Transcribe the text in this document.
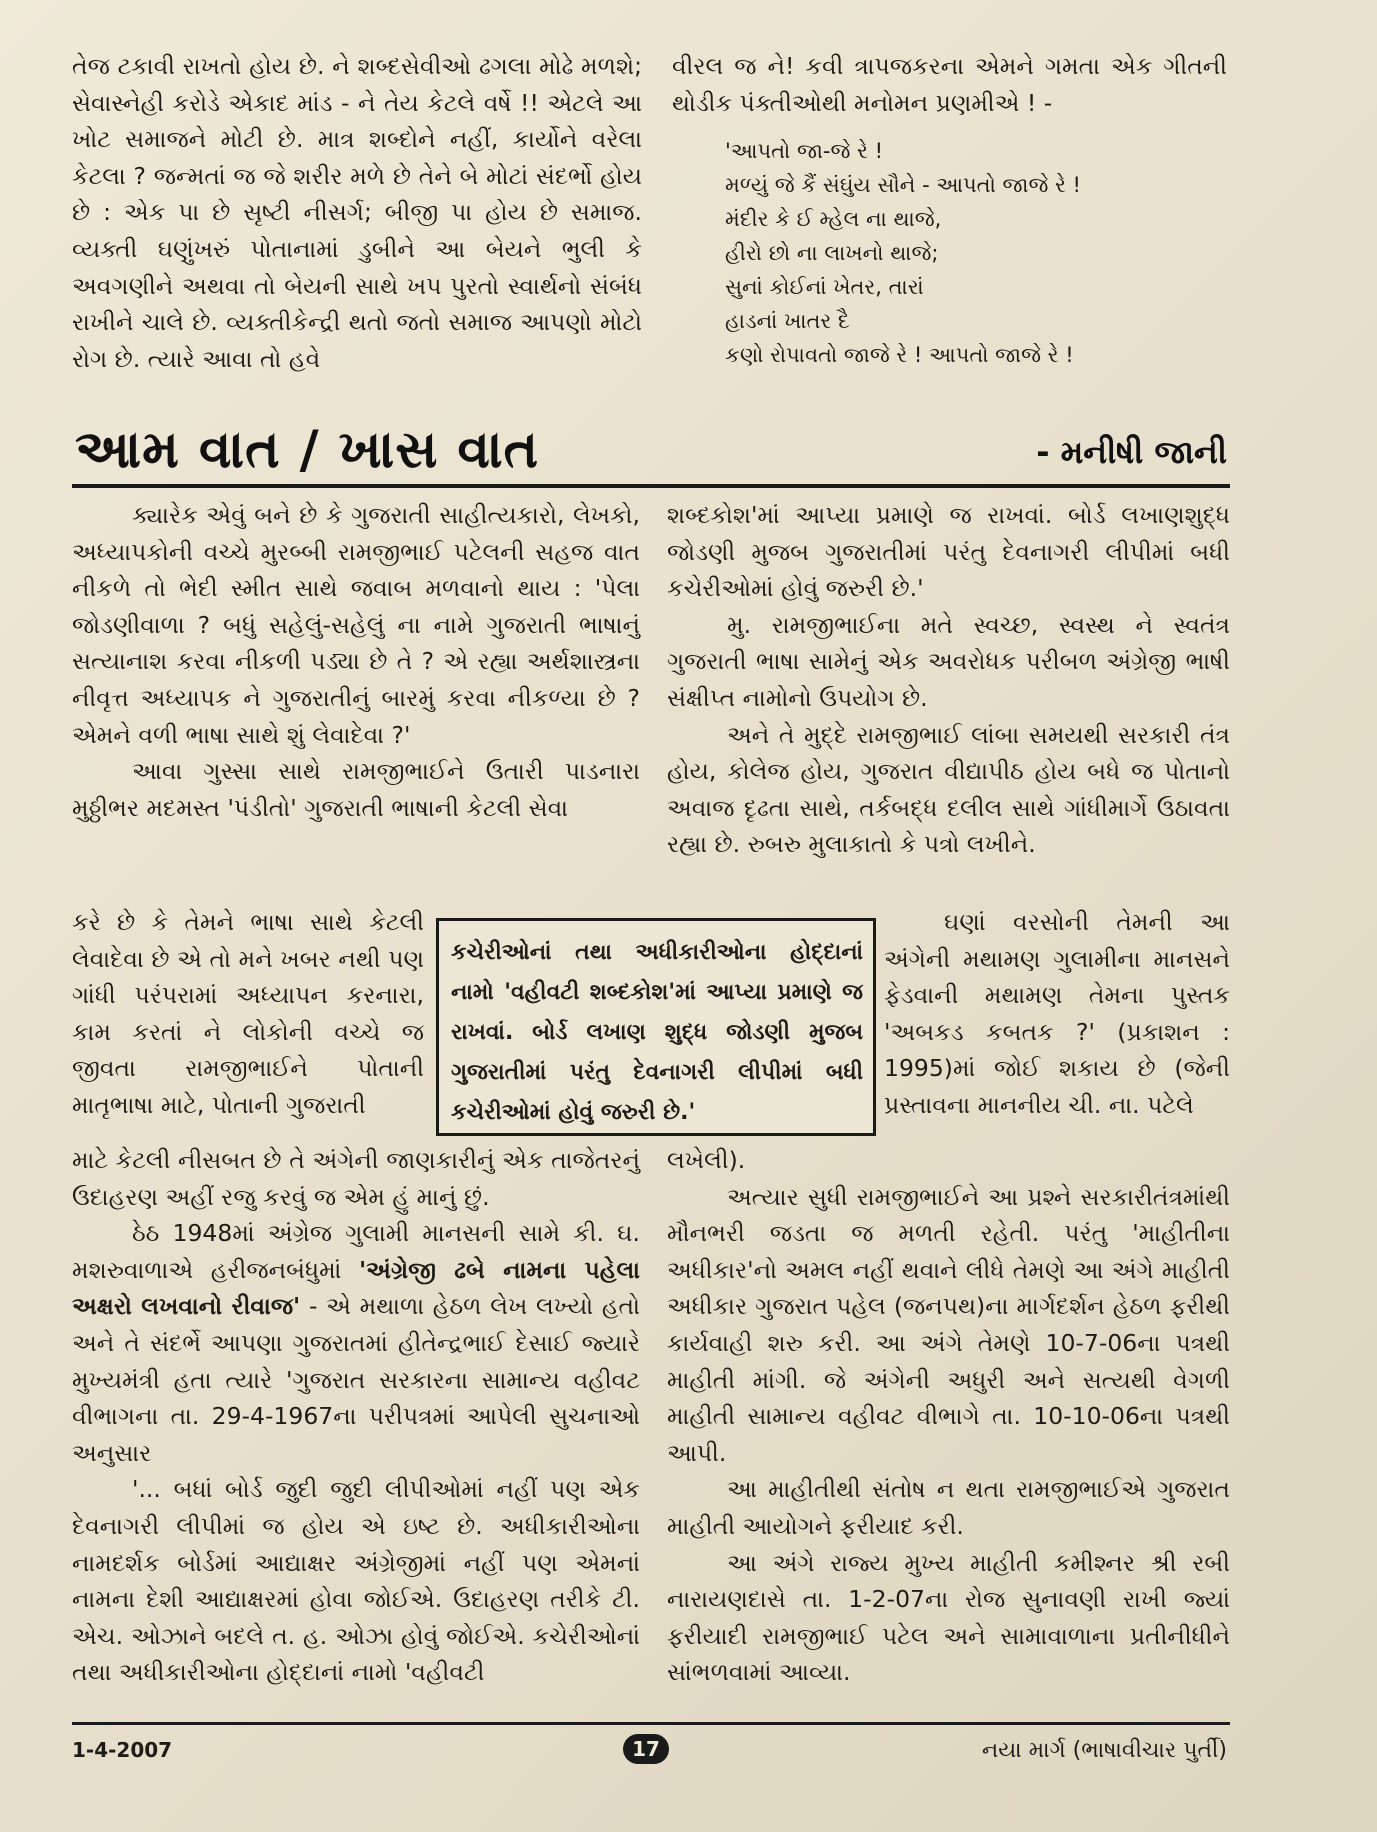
તેજ ટકાવી રાખતો હોય છે. ને શબ્દસેવીઓ ઢગલા મોઢે મળશે; સેવાસ્નેહી કરોડે એકાદ માંડ - ને તેય કેટલે વર્ષે !! એટલે આ ખોટ સમાજને મોટી છે. માત્ર શબ્દોને નહીં, કાર્યોને વરેલા કેટલા ? જન્મતાં જ જે શરીર મળે છે તેને બે મોટાં સંદર્ભો હોય છે : એક પા છે સૃષ્ટી નીસર્ગ; બીજી પા હોય છે સમાજ. વ્યક્તી ઘણુંખરું પોતાનામાં ડુબીને આ બેયને ભુલી કે અવગણીને અથવા તો બેયની સાથે ખપ પુરતો સ્વાર્થનો સંબંધ રાખીને ચાલે છે. વ્યક્તીકેન્દ્રી થતો જતો સમાજ આપણો મોટો રોગ છે. ત્યારે આવા તો હવે

વીરલ જ ને! કવી ત્રાપજકરના એમને ગમતા એક ગીતની થોડીક પંક્તીઓથી મનોમન પ્રણમીએ ! -

'આપતો જા-જે રે !
મળ્યું જે કૈં સંઘુંય સૌને - આપતો જાજે રે !
મંદીર કે ઈ મ્હેલ ના થાજે,
હીરો છો ના લાખનો થાજે;
સુનાં કોઈનાં ખેતર, તારાં
હાડનાં ખાતર દૈ
કણો રોપાવતો જાજે રે ! આપતો જાજે રે !
આમ વાત / ખાસ વાત	- મનીષી જાની

ક્યારેક એવું બને છે કે ગુજરાતી સાહીત્યકારો, લેખકો, અધ્યાપકોની વચ્ચે મુરબ્બી રામજીભાઈ પટેલની સહજ વાત નીકળે તો ભેદી સ્મીત સાથે જવાબ મળવાનો થાય : 'પેલા જોડણીવાળા ? બધું સહેલું-સહેલું ના નામે ગુજરાતી ભાષાનું સત્યાનાશ કરવા નીકળી પડ્યા છે તે ? એ રહ્યા અર્થશાસ્ત્રના નીવૃત્ત અધ્યાપક ને ગુજરાતીનું બારમું કરવા નીકળ્યા છે ? એમને વળી ભાષા સાથે શું લેવાદેવા ?'

આવા ગુસ્સા સાથે રામજીભાઈને ઉતારી પાડનારા મુઠ્ઠીભર મદમસ્ત 'પંડીતો' ગુજરાતી ભાષાની કેટલી સેવા

કરે છે કે તેમને ભાષા સાથે કેટલી લેવાદેવા છે એ તો મને ખબર નથી પણ ગાંધી પરંપરામાં અધ્યાપન કરનારા, કામ કરતાં ને લોકોની વચ્ચે જ જીવતા રામજીભાઈને પોતાની માતૃભાષા માટે, પોતાની ગુજરાતી

માટે કેટલી નીસબત છે તે અંગેની જાણકારીનું એક તાજેતરનું ઉદાહરણ અહીં રજુ કરવું જ એમ હું માનું છું.

ઠેઠ 1948માં અંગ્રેજ ગુલામી માનસની સામે કી. ઘ. મશરુવાળાએ હરીજનબંધુમાં 'અંગ્રેજી ઢબે નામના પહેલા અક્ષરો લખવાનો રીવાજ' - એ મથાળા હેઠળ લેખ લખ્યો હતો અને તે સંદર્ભે આપણા ગુજરાતમાં હીતેન્દ્રભાઈ દેસાઈ જ્યારે મુખ્યમંત્રી હતા ત્યારે 'ગુજરાત સરકારના સામાન્ય વહીવટ વીભાગના તા. 29-4-1967ના પરીપત્રમાં આપેલી સુચનાઓ અનુસાર

'... બધાં બોર્ડ જુદી જુદી લીપીઓમાં નહીં પણ એક દેવનાગરી લીપીમાં જ હોય એ ઇષ્ટ છે. અધીકારીઓના નામદર્શક બોર્ડમાં આદ્યાક્ષર અંગ્રેજીમાં નહીં પણ એમનાં નામના દેશી આદ્યાક્ષરમાં હોવા જોઈએ. ઉદાહરણ તરીકે ટી. એચ. ઓઝાને બદલે ત. હ. ઓઝા હોવું જોઈએ. કચેરીઓનાં તથા અધીકારીઓના હોદ્દાનાં નામો 'વહીવટી

શબ્દકોશ'માં આપ્યા પ્રમાણે જ રાખવાં. બોર્ડ લખાણશુદ્ધ જોડણી મુજબ ગુજરાતીમાં પરંતુ દેવનાગરી લીપીમાં બધી કચેરીઓમાં હોવું જરુરી છે.'

મુ. રામજીભાઈના મતે સ્વચ્છ, સ્વસ્થ ને સ્વતંત્ર ગુજરાતી ભાષા સામેનું એક અવરોધક પરીબળ અંગ્રેજી ભાષી સંક્ષીપ્ત નામોનો ઉપયોગ છે.

અને તે મુદ્દે રામજીભાઈ લાંબા સમયથી સરકારી તંત્ર હોય, કોલેજ હોય, ગુજરાત વીદ્યાપીઠ હોય બધે જ પોતાનો અવાજ દૃઢતા સાથે, તર્કબદ્ધ દલીલ સાથે ગાંધીમાર્ગે ઉઠાવતા રહ્યા છે. રુબરુ મુલાકાતો કે પત્રો લખીને.

ઘણાં વરસોની તેમની આ અંગેની મથામણ ગુલામીના માનસને ફેડવાની મથામણ તેમના પુસ્તક 'અબકડ કબતક ?' (પ્રકાશન : 1995)માં જોઈ શકાય છે (જેની પ્રસ્તાવના માનનીય ચી. ના. પટેલે

લખેલી).

અત્યાર સુધી રામજીભાઈને આ પ્રશ્ને સરકારીતંત્રમાંથી મૌનભરી જડતા જ મળતી રહેતી. પરંતુ 'માહીતીના અધીકાર'નો અમલ નહીં થવાને લીધે તેમણે આ અંગે માહીતી અધીકાર ગુજરાત પહેલ (જનપથ)ના માર્ગદર્શન હેઠળ ફરીથી કાર્યવાહી શરુ કરી. આ અંગે તેમણે 10-7-06ના પત્રથી માહીતી માંગી. જે અંગેની અધુરી અને સત્યથી વેગળી માહીતી સામાન્ય વહીવટ વીભાગે તા. 10-10-06ના પત્રથી આપી.

આ માહીતીથી સંતોષ ન થતા રામજીભાઈએ ગુજરાત માહીતી આયોગને ફરીયાદ કરી.

આ અંગે રાજ્ય મુખ્ય માહીતી કમીશ્નર શ્રી રબી નારાયણદાસે તા. 1-2-07ના રોજ સુનાવણી રાખી જ્યાં ફરીયાદી રામજીભાઈ પટેલ અને સામાવાળાના પ્રતીનીધીને સાંભળવામાં આવ્યા.

કચેરીઓનાં તથા અધીકારીઓના હોદ્દાનાં નામો 'વહીવટી શબ્દકોશ'માં આપ્યા પ્રમાણે જ રાખવાં. બોર્ડ લખાણ શુદ્ધ જોડણી મુજબ ગુજરાતીમાં પરંતુ દેવનાગરી લીપીમાં બધી કચેરીઓમાં હોવું જરુરી છે.'
1-4-2007	17	નયા માર્ગ (ભાષાવીચાર પુર્તી)
